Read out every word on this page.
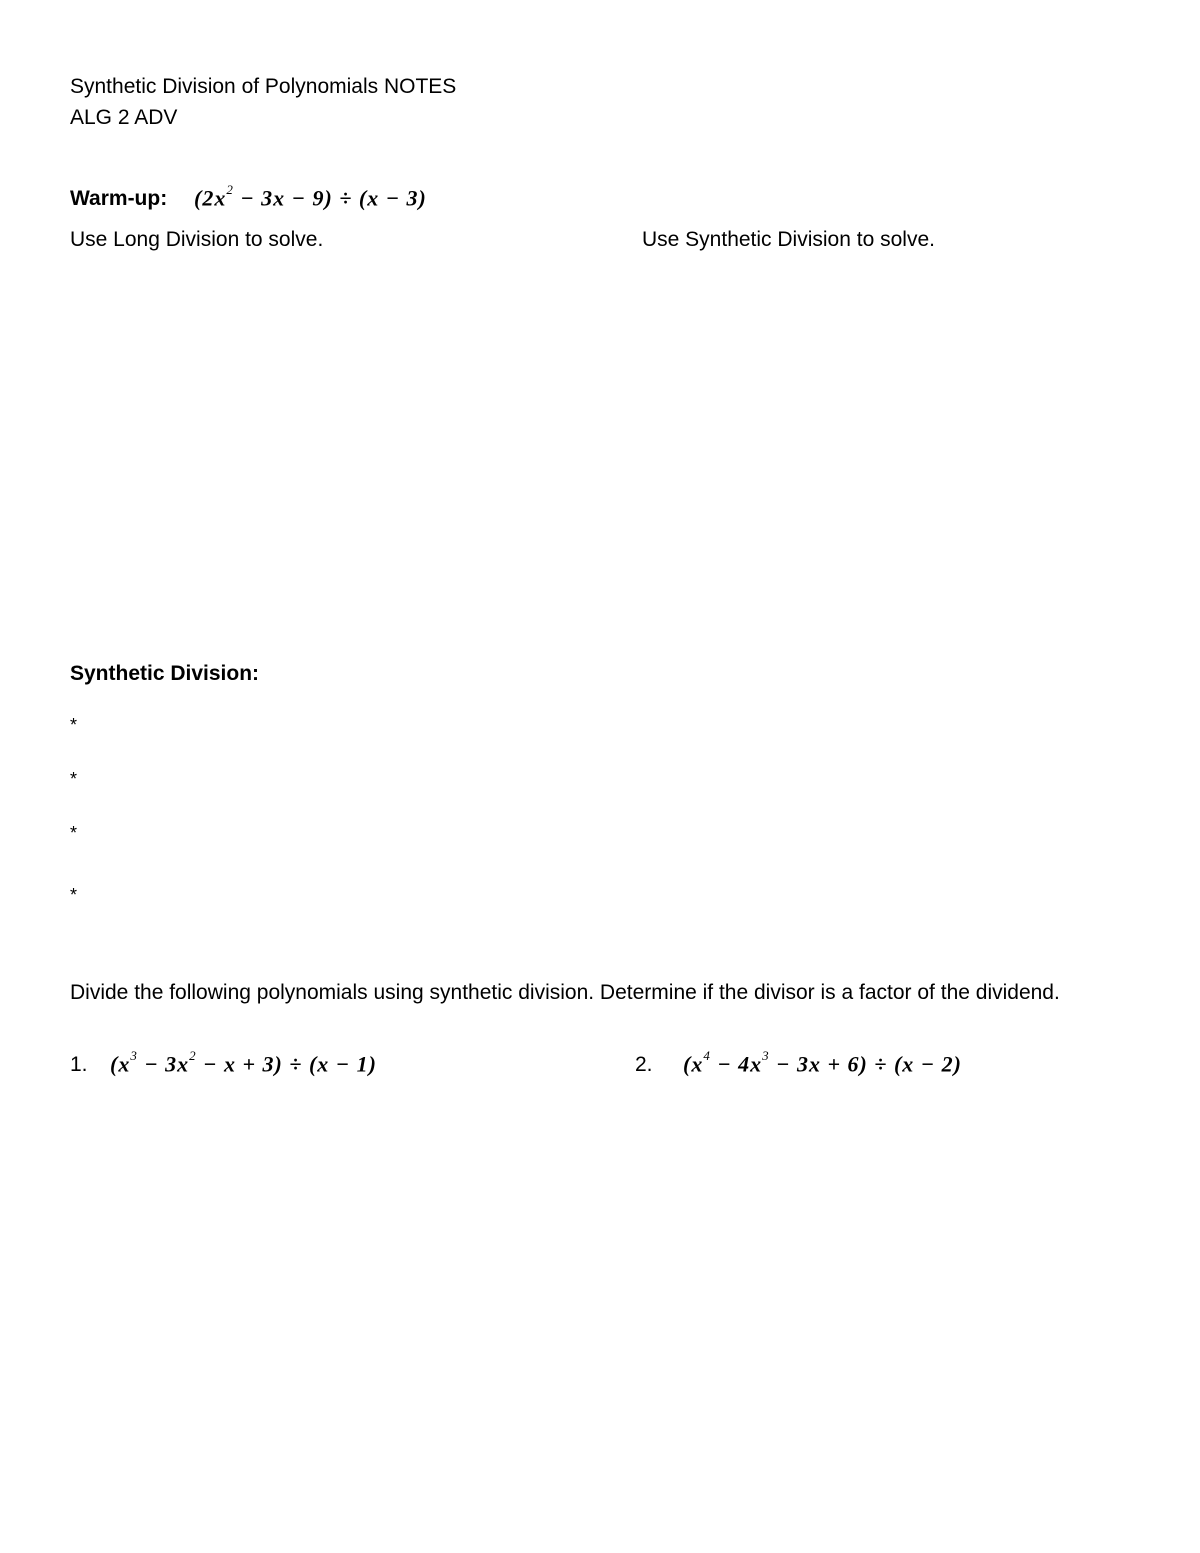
Synthetic Division of Polynomials NOTES
ALG 2 ADV
Warm-up: $(2x^2 - 3x - 9) \div (x - 3)$
Use Long Division to solve.	Use Synthetic Division to solve.
Synthetic Division:
*
*
*
*
Divide the following polynomials using synthetic division. Determine if the divisor is a factor of the dividend.
1. $(x^3 - 3x^2 - x + 3) \div (x - 1)$	2. $(x^4 - 4x^3 - 3x + 6) \div (x - 2)$
